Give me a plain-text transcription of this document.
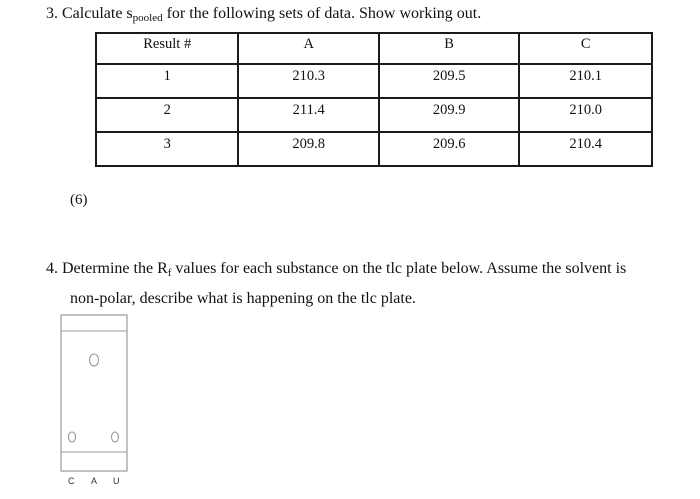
3. Calculate $s_{pooled}$ for the following sets of data. Show working out.
Result #	A	B	C
1	210.3	209.5	210.1
2	211.4	209.9	210.0
3	209.8	209.6	210.4
(6)
4. Determine the $R_f$ values for each substance on the tlc plate below. Assume the solvent is
non-polar, describe what is happening on the tlc plate.
C A U
